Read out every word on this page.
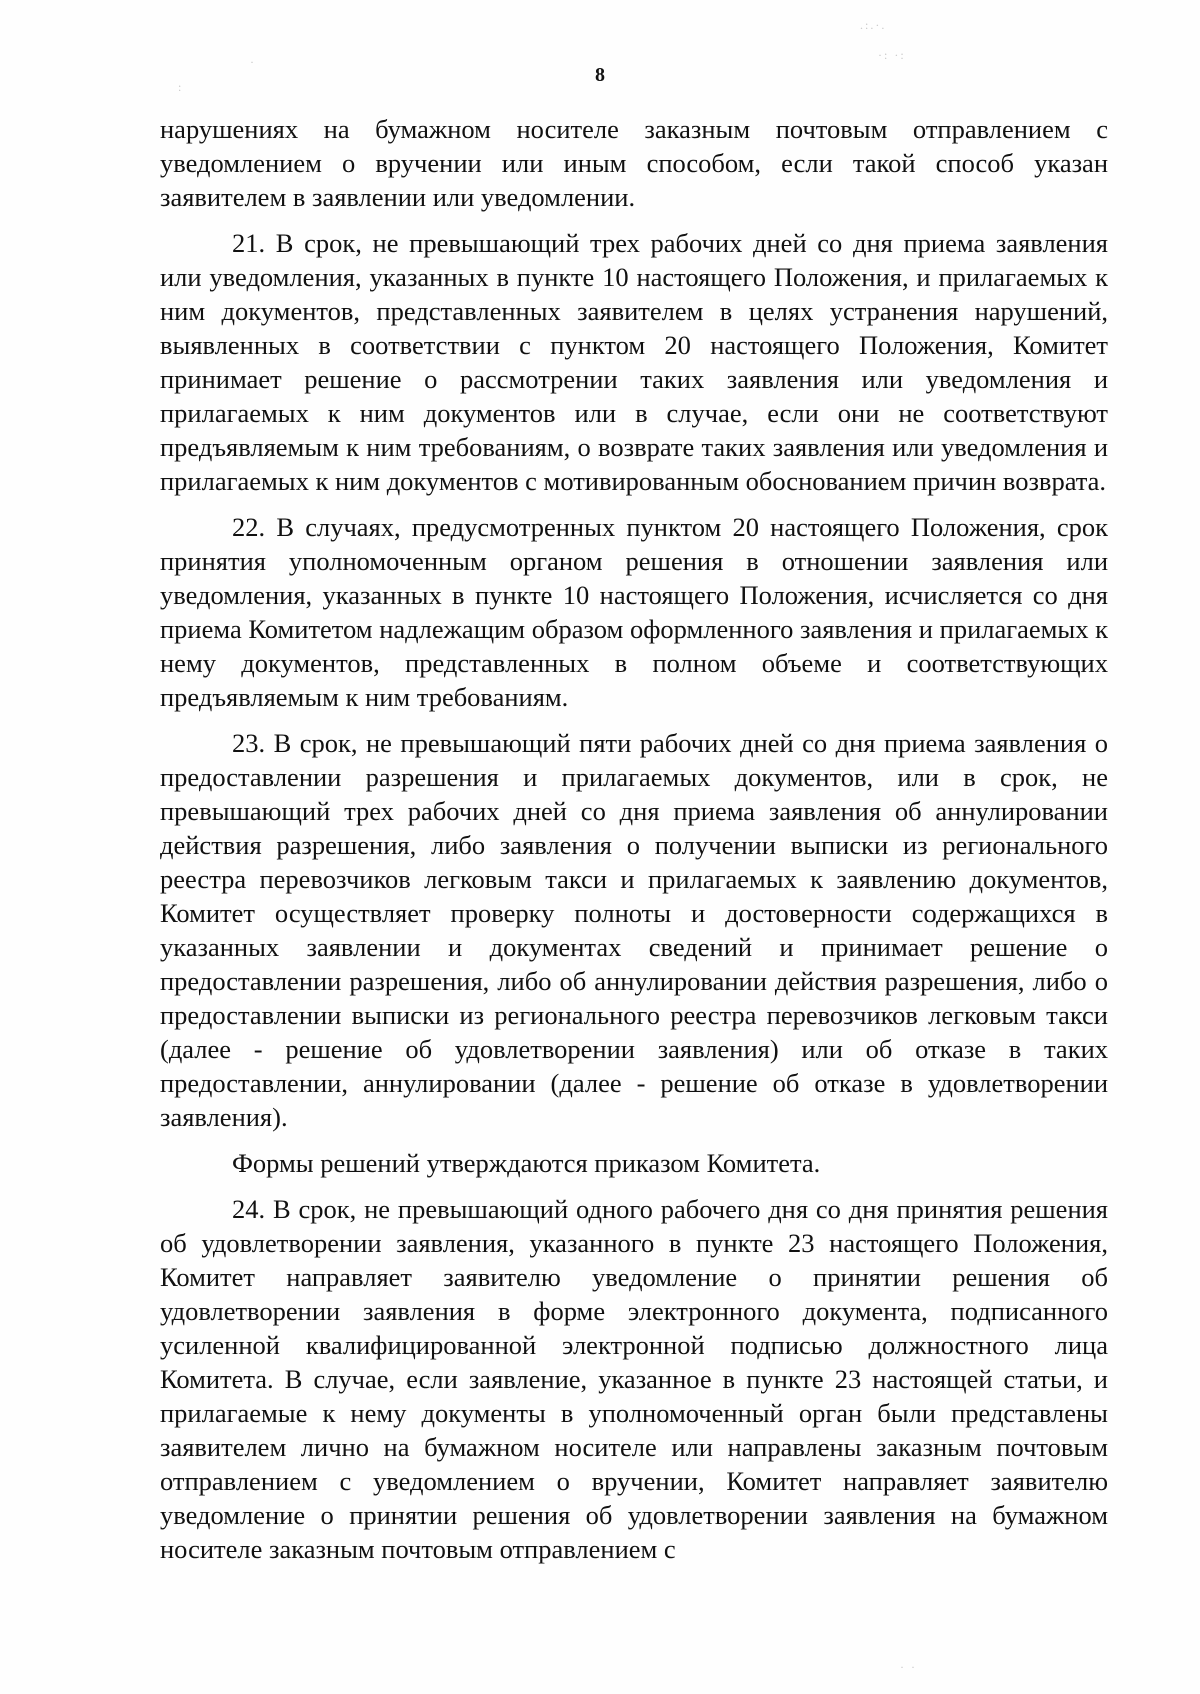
.:.·.
·: ·:
:
·
8

нарушениях на бумажном носителе заказным почтовым отправлением с уведомлением о вручении или иным способом, если такой способ указан заявителем в заявлении или уведомлении.

21. В срок, не превышающий трех рабочих дней со дня приема заявления или уведомления, указанных в пункте 10 настоящего Положения, и прилагаемых к ним документов, представленных заявителем в целях устранения нарушений, выявленных в соответствии с пунктом 20 настоящего Положения, Комитет принимает решение о рассмотрении таких заявления или уведомления и прилагаемых к ним документов или в случае, если они не соответствуют предъявляемым к ним требованиям, о возврате таких заявления или уведомления и прилагаемых к ним документов с мотивированным обоснованием причин возврата.

22. В случаях, предусмотренных пунктом 20 настоящего Положения, срок принятия уполномоченным органом решения в отношении заявления или уведомления, указанных в пункте 10 настоящего Положения, исчисляется со дня приема Комитетом надлежащим образом оформленного заявления и прилагаемых к нему документов, представленных в полном объеме и соответствующих предъявляемым к ним требованиям.

23. В срок, не превышающий пяти рабочих дней со дня приема заявления о предоставлении разрешения и прилагаемых документов, или в срок, не превышающий трех рабочих дней со дня приема заявления об аннулировании действия разрешения, либо заявления о получении выписки из регионального реестра перевозчиков легковым такси и прилагаемых к заявлению документов, Комитет осуществляет проверку полноты и достоверности содержащихся в указанных заявлении и документах сведений и принимает решение о предоставлении разрешения, либо об аннулировании действия разрешения, либо о предоставлении выписки из регионального реестра перевозчиков легковым такси (далее - решение об удовлетворении заявления) или об отказе в таких предоставлении, аннулировании (далее - решение об отказе в удовлетворении заявления).

Формы решений утверждаются приказом Комитета.

24. В срок, не превышающий одного рабочего дня со дня принятия решения об удовлетворении заявления, указанного в пункте 23 настоящего Положения, Комитет направляет заявителю уведомление о принятии решения об удовлетворении заявления в форме электронного документа, подписанного усиленной квалифицированной электронной подписью должностного лица Комитета. В случае, если заявление, указанное в пункте 23 настоящей статьи, и прилагаемые к нему документы в уполномоченный орган были представлены заявителем лично на бумажном носителе или направлены заказным почтовым отправлением с уведомлением о вручении, Комитет направляет заявителю уведомление о принятии решения об удовлетворении заявления на бумажном носителе заказным почтовым отправлением с

· ·
